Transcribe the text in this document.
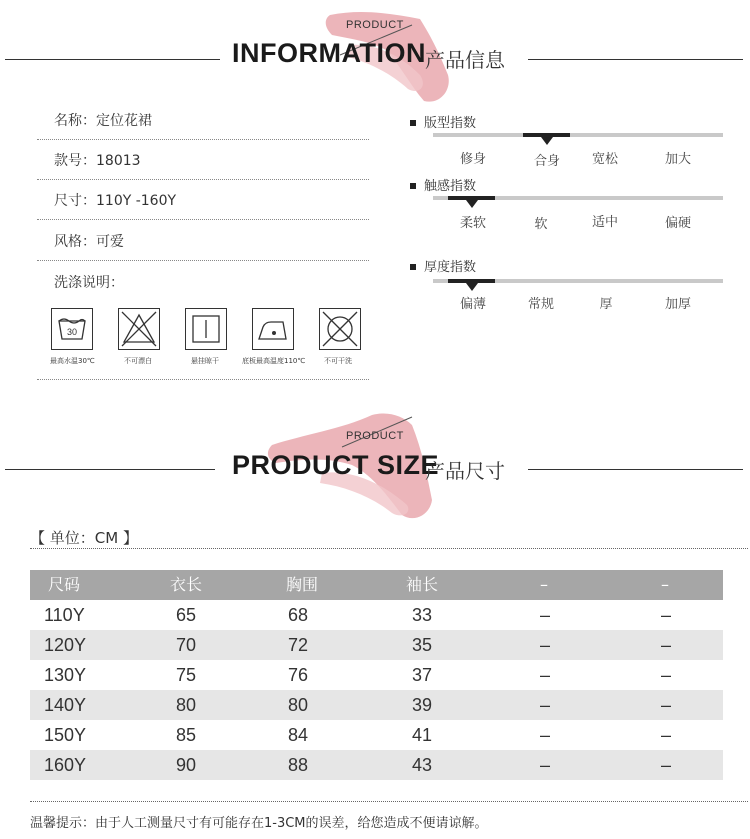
PRODUCT
INFORMATION 产品信息
名称：定位花裙
款号：18013
尺寸：110Y -160Y
风格：可爱
洗涤说明：
30
最高水温30℃	不可漂白	悬挂晾干	底板最高温度110℃	不可干洗
版型指数
修身	合身	宽松	加大
触感指数
柔软	软	适中	偏硬
厚度指数
偏薄	常规	厚	加厚
PRODUCT
PRODUCT SIZE
产品尺寸
【 单位：CM 】
尺码	衣长	胸围	袖长	–	–
110Y	65	68	33	–	–
120Y	70	72	35	–	–
130Y	75	76	37	–	–
140Y	80	80	39	–	–
150Y	85	84	41	–	–
160Y	90	88	43	–	–
温馨提示：由于人工测量尺寸有可能存在1-3CM的误差，给您造成不便请谅解。
